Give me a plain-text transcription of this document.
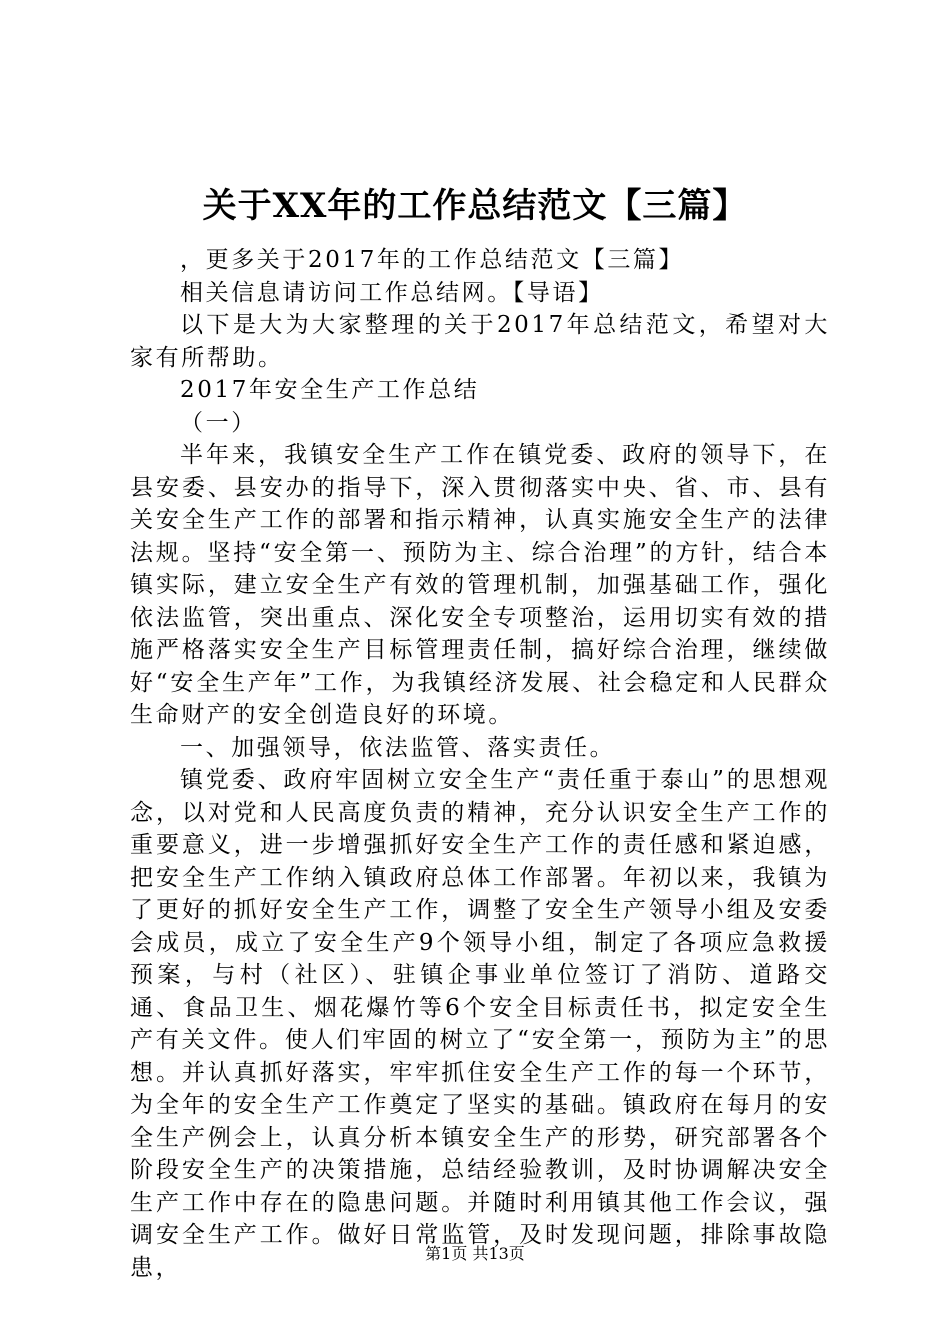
关于XX年的工作总结范文【三篇】

，更多关于2017年的工作总结范文【三篇】

相关信息请访问工作总结网。【导语】

以下是大为大家整理的关于2017年总结范文，希望对大家有所帮助。

2017年安全生产工作总结

（一）

半年来，我镇安全生产工作在镇党委、政府的领导下，在县安委、县安办的指导下，深入贯彻落实中央、省、市、县有关安全生产工作的部署和指示精神，认真实施安全生产的法律法规。坚持“安全第一、预防为主、综合治理”的方针，结合本镇实际，建立安全生产有效的管理机制，加强基础工作，强化依法监管，突出重点、深化安全专项整治，运用切实有效的措施严格落实安全生产目标管理责任制，搞好综合治理，继续做好“安全生产年”工作，为我镇经济发展、社会稳定和人民群众生命财产的安全创造良好的环境。

一、加强领导，依法监管、落实责任。

镇党委、政府牢固树立安全生产“责任重于泰山”的思想观念，以对党和人民高度负责的精神，充分认识安全生产工作的重要意义，进一步增强抓好安全生产工作的责任感和紧迫感，把安全生产工作纳入镇政府总体工作部署。年初以来，我镇为了更好的抓好安全生产工作，调整了安全生产领导小组及安委会成员，成立了安全生产9个领导小组，制定了各项应急救援预案，与村（社区）、驻镇企事业单位签订了消防、道路交通、食品卫生、烟花爆竹等6个安全目标责任书，拟定安全生产有关文件。使人们牢固的树立了“安全第一，预防为主”的思想。并认真抓好落实，牢牢抓住安全生产工作的每一个环节，为全年的安全生产工作奠定了坚实的基础。镇政府在每月的安全生产例会上，认真分析本镇安全生产的形势，研究部署各个阶段安全生产的决策措施，总结经验教训，及时协调解决安全生产工作中存在的隐患问题。并随时利用镇其他工作会议，强调安全生产工作。做好日常监管，及时发现问题，排除事故隐患，

第1页 共13页
